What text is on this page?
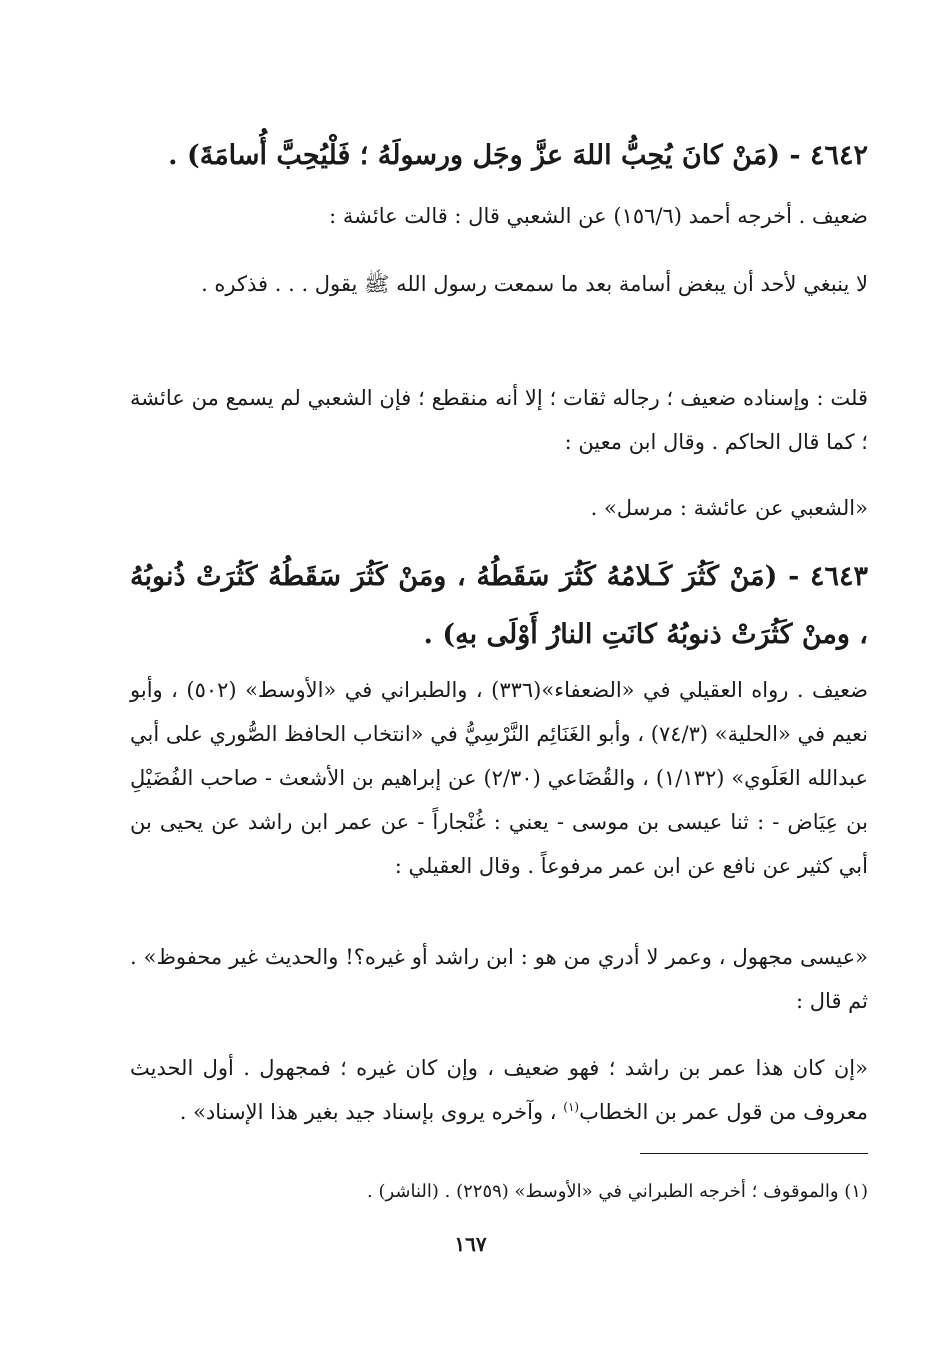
٤٦٤٢ - (مَنْ كانَ يُحِبُّ اللهَ عزَّ وجَل ورسولَهُ ؛ فَلْيُحِبَّ أُسامَةَ) .

ضعيف . أخرجه أحمد (١٥٦/٦) عن الشعبي قال : قالت عائشة :

لا ينبغي لأحد أن يبغض أسامة بعد ما سمعت رسول الله ﷺ يقول . . . فذكره .

قلت : وإسناده ضعيف ؛ رجاله ثقات ؛ إلا أنه منقطع ؛ فإن الشعبي لم يسمع من عائشة ؛ كما قال الحاكم . وقال ابن معين :

«الشعبي عن عائشة : مرسل» .

٤٦٤٣ - (مَنْ كَثُرَ كَـلامُهُ كَثُرَ سَقَطُهُ ، ومَنْ كَثُرَ سَقَطُهُ كَثُرَتْ ذُنوبُهُ ، ومنْ كَثُرَتْ ذنوبُهُ كانَتِ النارُ أَوْلَى بهِ) .

ضعيف . رواه العقيلي في «الضعفاء»(٣٣٦) ، والطبراني في «الأوسط» (٥٠٢) ، وأبو نعيم في «الحلية» (٧٤/٣) ، وأبو الغَنَائِم النَّرْسِيُّ في «انتخاب الحافظ الصُّوري على أبي عبدالله العَلَوي» (١/١٣٢) ، والقُضَاعي (٢/٣٠) عن إبراهيم بن الأشعث - صاحب الفُضَيْلِ بن عِيَاض - : ثنا عيسى بن موسى - يعني : غُنْجاراً - عن عمر ابن راشد عن يحيى بن أبي كثير عن نافع عن ابن عمر مرفوعاً . وقال العقيلي :

«عيسى مجهول ، وعمر لا أدري من هو : ابن راشد أو غيره؟! والحديث غير محفوظ» . ثم قال :

«إن كان هذا عمر بن راشد ؛ فهو ضعيف ، وإن كان غيره ؛ فمجهول . أول الحديث معروف من قول عمر بن الخطاب$^{(١)}$ ، وآخره يروى بإسناد جيد بغير هذا الإسناد» .

(١) والموقوف ؛ أخرجه الطبراني في «الأوسط» (٢٢٥٩) . (الناشر) .

١٦٧
